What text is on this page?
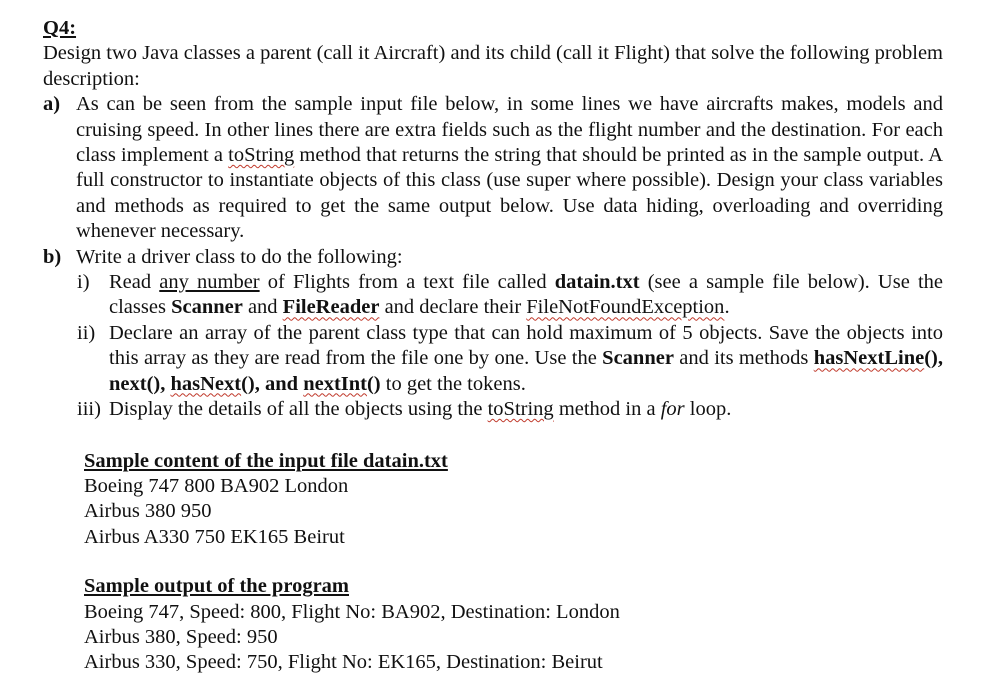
Q4:
Design two Java classes a parent (call it Aircraft) and its child (call it Flight) that solve the following problem description:
a) As can be seen from the sample input file below, in some lines we have aircrafts makes, models and cruising speed. In other lines there are extra fields such as the flight number and the destination. For each class implement a toString method that returns the string that should be printed as in the sample output. A full constructor to instantiate objects of this class (use super where possible). Design your class variables and methods as required to get the same output below. Use data hiding, overloading and overriding whenever necessary.
b) Write a driver class to do the following:
i) Read any number of Flights from a text file called datain.txt (see a sample file below). Use the classes Scanner and FileReader and declare their FileNotFoundException.
ii) Declare an array of the parent class type that can hold maximum of 5 objects. Save the objects into this array as they are read from the file one by one. Use the Scanner and its methods hasNextLine(), next(), hasNext(), and nextInt() to get the tokens.
iii) Display the details of all the objects using the toString method in a for loop.
Sample content of the input file datain.txt
Boeing 747 800 BA902 London
Airbus 380 950
Airbus A330 750 EK165 Beirut
Sample output of the program
Boeing 747, Speed: 800, Flight No: BA902, Destination: London
Airbus 380, Speed: 950
Airbus 330, Speed: 750, Flight No: EK165, Destination: Beirut
